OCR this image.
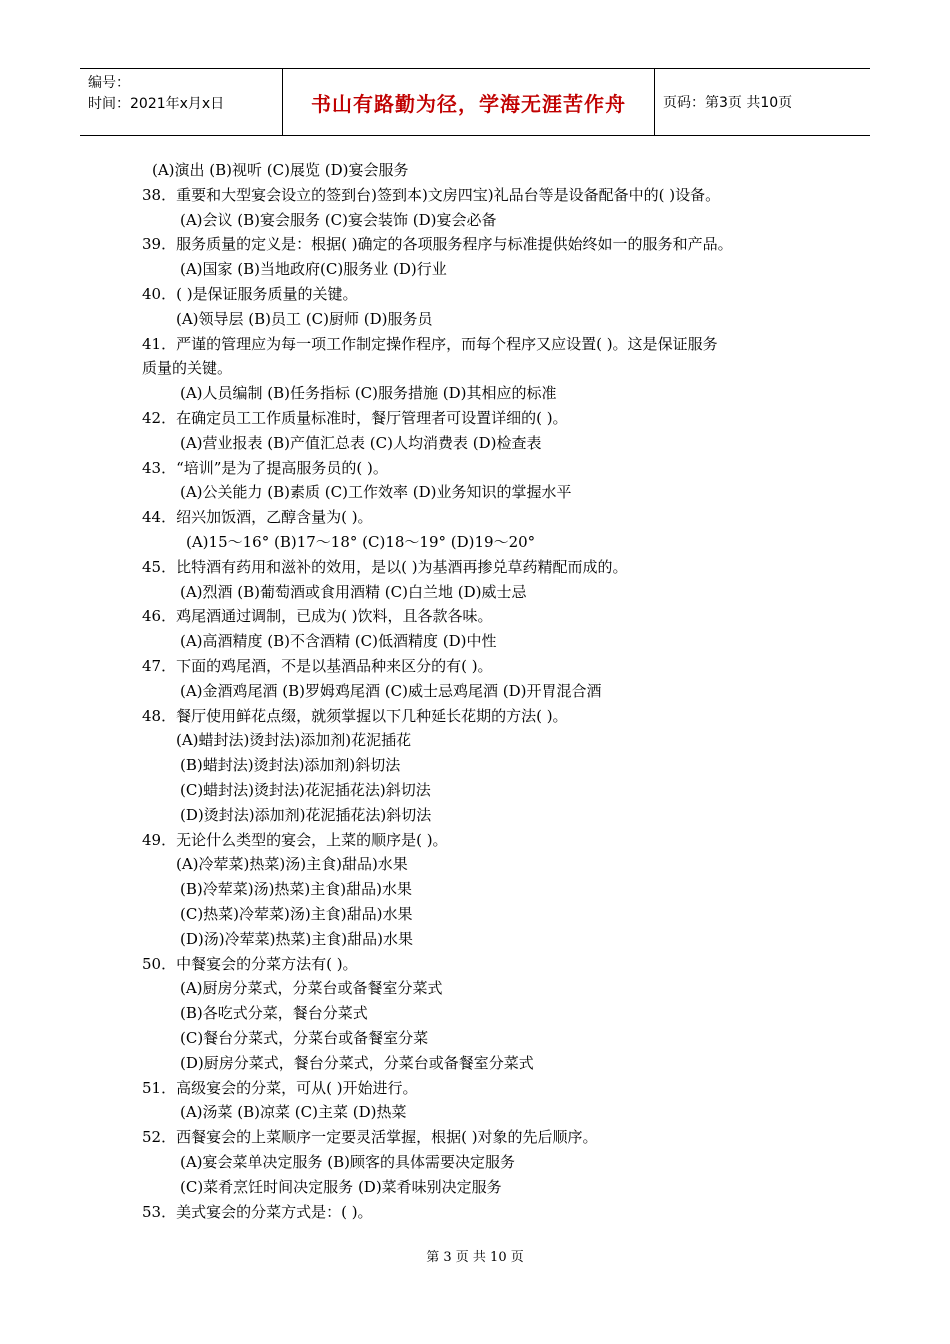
编号：
时间：2021年x月x日	书山有路勤为径，学海无涯苦作舟	页码：第3页 共10页
(A)演出 (B)视听 (C)展览 (D)宴会服务
38．重要和大型宴会设立的签到台)签到本)文房四宝)礼品台等是设备配备中的( )设备。
(A)会议 (B)宴会服务 (C)宴会装饰 (D)宴会必备
39．服务质量的定义是：根据( )确定的各项服务程序与标准提供始终如一的服务和产品。
(A)国家 (B)当地政府(C)服务业 (D)行业
40．( )是保证服务质量的关键。
(A)领导层 (B)员工 (C)厨师 (D)服务员
41．严谨的管理应为每一项工作制定操作程序，而每个程序又应设置( )。这是保证服务
质量的关键。
(A)人员编制 (B)任务指标 (C)服务措施 (D)其相应的标准
42．在确定员工工作质量标准时，餐厅管理者可设置详细的( )。
(A)营业报表 (B)产值汇总表 (C)人均消费表 (D)检查表
43．“培训”是为了提高服务员的( )。
(A)公关能力 (B)素质 (C)工作效率 (D)业务知识的掌握水平
44．绍兴加饭酒，乙醇含量为( )。
(A)15～16° (B)17～18° (C)18～19° (D)19～20°
45．比特酒有药用和滋补的效用，是以( )为基酒再掺兑草药精配而成的。
(A)烈酒 (B)葡萄酒或食用酒精 (C)白兰地 (D)威士忌
46．鸡尾酒通过调制，已成为( )饮料，且各款各味。
(A)高酒精度 (B)不含酒精 (C)低酒精度 (D)中性
47．下面的鸡尾酒，不是以基酒品种来区分的有( )。
(A)金酒鸡尾酒 (B)罗姆鸡尾酒 (C)威士忌鸡尾酒 (D)开胃混合酒
48．餐厅使用鲜花点缀，就须掌握以下几种延长花期的方法( )。
(A)蜡封法)烫封法)添加剂)花泥插花
(B)蜡封法)烫封法)添加剂)斜切法
(C)蜡封法)烫封法)花泥插花法)斜切法
(D)烫封法)添加剂)花泥插花法)斜切法
49．无论什么类型的宴会，上菜的顺序是( )。
(A)冷荤菜)热菜)汤)主食)甜品)水果
(B)冷荤菜)汤)热菜)主食)甜品)水果
(C)热菜)冷荤菜)汤)主食)甜品)水果
(D)汤)冷荤菜)热菜)主食)甜品)水果
50．中餐宴会的分菜方法有( )。
(A)厨房分菜式，分菜台或备餐室分菜式
(B)各吃式分菜，餐台分菜式
(C)餐台分菜式，分菜台或备餐室分菜
(D)厨房分菜式，餐台分菜式，分菜台或备餐室分菜式
51．高级宴会的分菜，可从( )开始进行。
(A)汤菜 (B)凉菜 (C)主菜 (D)热菜
52．西餐宴会的上菜顺序一定要灵活掌握，根据( )对象的先后顺序。
(A)宴会菜单决定服务 (B)顾客的具体需要决定服务
(C)菜肴烹饪时间决定服务 (D)菜肴味别决定服务
53．美式宴会的分菜方式是：( )。
第 3 页 共 10 页
